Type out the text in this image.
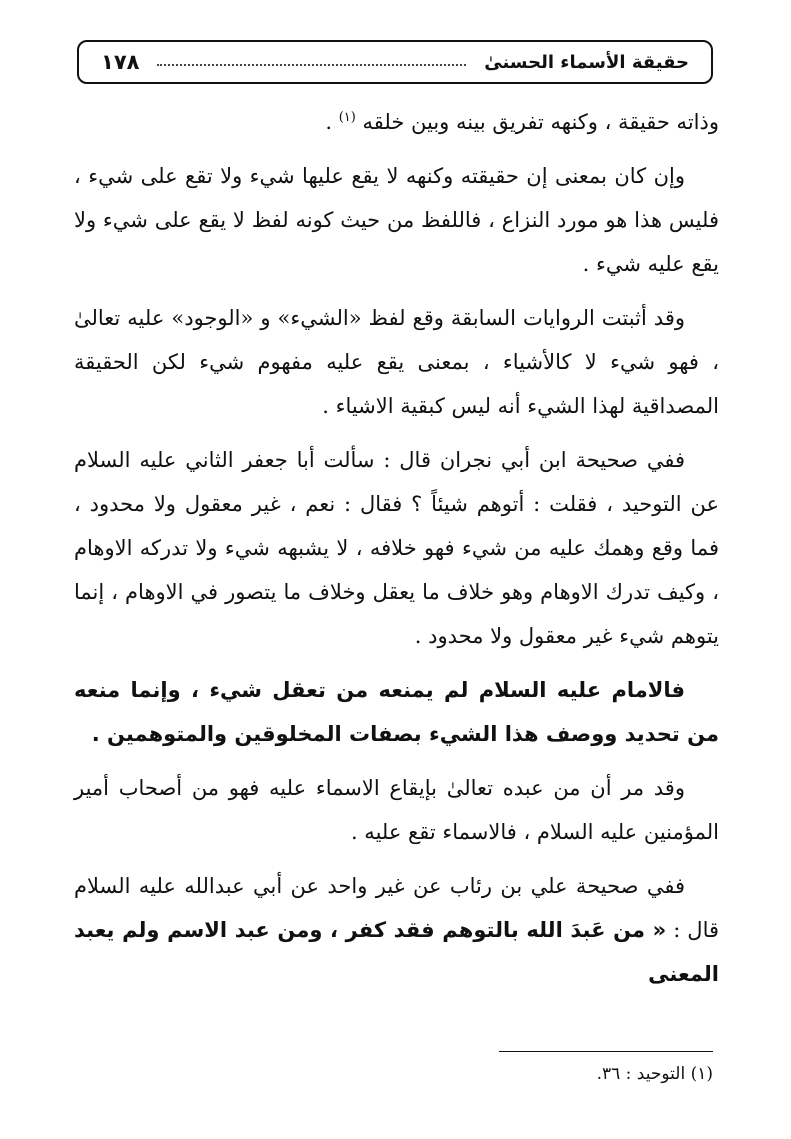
١٧٨	حقيقة الأسماء الحسنىٰ

وذاته حقيقة ، وكنهه تفريق بينه وبين خلقه $^{(١)}$ .

وإن كان بمعنى إن حقيقته وكنهه لا يقع عليها شيء ولا تقع على شيء ، فليس هذا هو مورد النزاع ، فاللفظ من حيث كونه لفظ لا يقع على شيء ولا يقع عليه شيء .

وقد أثبتت الروايات السابقة وقع لفظ «الشيء» و «الوجود» عليه تعالىٰ ، فهو شيء لا كالأشياء ، بمعنى يقع عليه مفهوم شيء لكن الحقيقة المصداقية لهذا الشيء أنه ليس كبقية الاشياء .

ففي صحيحة ابن أبي نجران قال : سألت أبا جعفر الثاني عليه السلام عن التوحيد ، فقلت : أتوهم شيئاً ؟ فقال : نعم ، غير معقول ولا محدود ، فما وقع وهمك عليه من شيء فهو خلافه ، لا يشبهه شيء ولا تدركه الاوهام ، وكيف تدرك الاوهام وهو خلاف ما يعقل وخلاف ما يتصور في الاوهام ، إنما يتوهم شيء غير معقول ولا محدود .

فالامام عليه السلام لم يمنعه من تعقل شيء ، وإنما منعه من تحديد ووصف هذا الشيء بصفات المخلوقين والمتوهمين .

وقد مر أن من عبده تعالىٰ بإيقاع الاسماء عليه فهو من أصحاب أمير المؤمنين عليه السلام ، فالاسماء تقع عليه .

ففي صحيحة علي بن رئاب عن غير واحد عن أبي عبدالله عليه السلام قال : « من عَبدَ الله بالتوهم فقد كفر ، ومن عبد الاسم ولم يعبد المعنى

(١) التوحيد : ٣٦.
